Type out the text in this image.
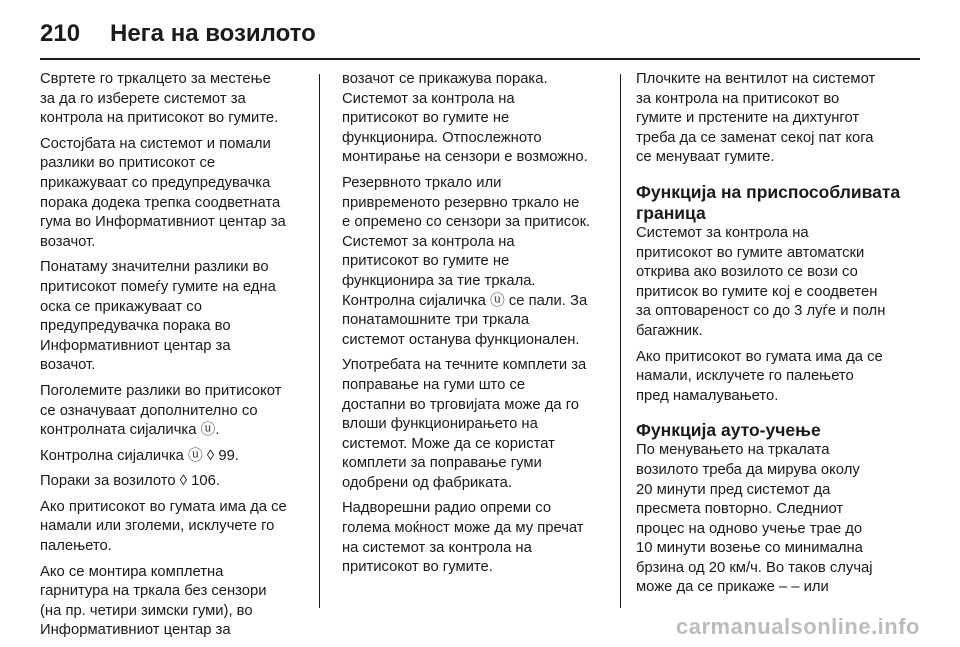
210	Нега на возилото

Свртете го тркалцето за местење
за да го изберете системот за
контрола на притисокот во гумите.

Состојбата на системот и помали
разлики во притисокот се
прикажуваат со предупредувачка
порака додека трепка соодветната
гума во Информативниот центар за
возачот.

Понатаму значителни разлики во
притисокот помеѓу гумите на една
оска се прикажуваат со
предупредувачка порака во
Информативниот центар за
возачот.

Поголемите разлики во притисокот
се означуваат дополнително со
контролната сијаличка ⓤ.

Контролна сијаличка ⓤ ◊ 99.

Пораки за возилото ◊ 106.

Ако притисокот во гумата има да се
намали или зголеми, исклучете го
палењето.

Ако се монтира комплетна
гарнитура на тркала без сензори
(на пр. четири зимски гуми), во
Информативниот центар за

возачот се прикажува порака.
Системот за контрола на
притисокот во гумите не
функционира. Отпослежното
монтирање на сензори е возможно.

Резервното тркало или
привременото резервно тркало не
е опремено со сензори за притисок.
Системот за контрола на
притисокот во гумите не
функционира за тие тркала.
Контролна сијаличка ⓤ се пали. За
понатамошните три тркала
системот останува функционален.

Употребата на течните комплети за
поправање на гуми што се
достапни во трговијата може да го
влоши функционирањето на
системот. Може да се користат
комплети за поправање гуми
одобрени од фабриката.

Надворешни радио опреми со
голема моќност може да му пречат
на системот за контрола на
притисокот во гумите.

Плочките на вентилот на системот
за контрола на притисокот во
гумите и прстените на дихтунгот
треба да се заменат секој пат кога
се менуваат гумите.

Функција на приспособливата
граница

Системот за контрола на
притисокот во гумите автоматски
открива ако возилото се вози со
притисок во гумите кој е соодветен
за оптовареност со до 3 луѓе и полн
багажник.

Ако притисокот во гумата има да се
намали, исклучете го палењето
пред намалувањето.

Функција ауто-учење

По менувањето на тркалата
возилото треба да мирува околу
20 минути пред системот да
пресмета повторно. Следниот
процес на одново учење трае до
10 минути возење со минимална
брзина од 20 км/ч. Во таков случај
може да се прикаже ‒ ‒ или

carmanualsonline.info
